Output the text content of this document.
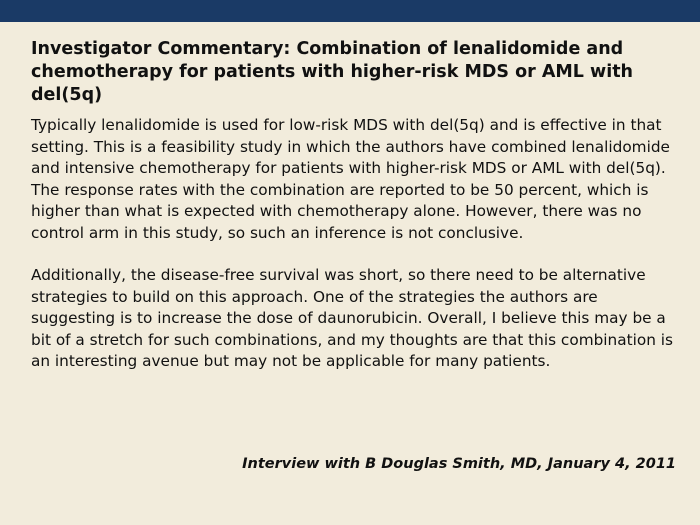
Investigator Commentary: Combination of lenalidomide and chemotherapy for patients with higher-risk MDS or AML with del(5q)

Typically lenalidomide is used for low-risk MDS with del(5q) and is effective in that setting. This is a feasibility study in which the authors have combined lenalidomide and intensive chemotherapy for patients with higher-risk MDS or AML with del(5q). The response rates with the combination are reported to be 50 percent, which is higher than what is expected with chemotherapy alone. However, there was no control arm in this study, so such an inference is not conclusive.

Additionally, the disease-free survival was short, so there need to be alternative strategies to build on this approach. One of the strategies the authors are suggesting is to increase the dose of daunorubicin. Overall, I believe this may be a bit of a stretch for such combinations, and my thoughts are that this combination is an interesting avenue but may not be applicable for many patients.

Interview with B Douglas Smith, MD, January 4, 2011
